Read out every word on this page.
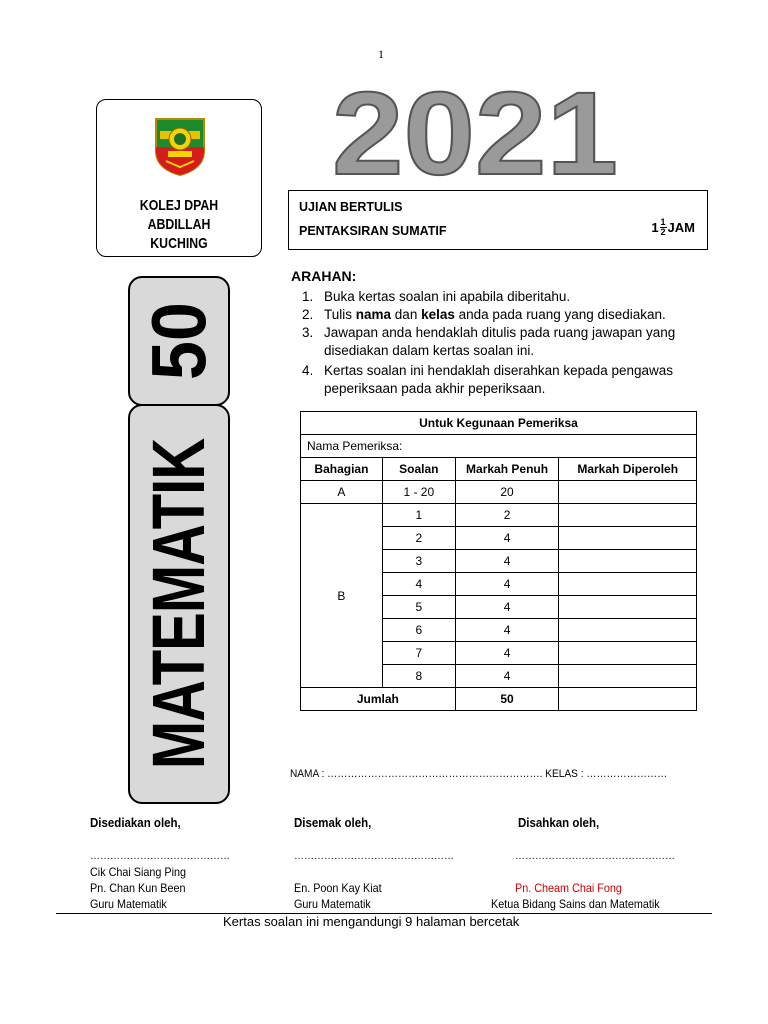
1
KOLEJ DPAH ABDILLAH
KUCHING
2021
UJIAN BERTULIS
PENTAKSIRAN SUMATIF	$1 \frac{1}{2}$ JAM
50
MATEMATIK
ARAHAN:
1. Buka kertas soalan ini apabila diberitahu.
2. Tulis nama dan kelas anda pada ruang yang disediakan.
3. Jawapan anda hendaklah ditulis pada ruang jawapan yang disediakan dalam kertas soalan ini.
4. Kertas soalan ini hendaklah diserahkan kepada pengawas peperiksaan pada akhir peperiksaan.
Untuk Kegunaan Pemeriksa			
Nama Pemeriksa:			
Bahagian	Soalan	Markah Penuh	Markah Diperoleh
A	1 - 20	20	
B	1	2	
	2	4	
	3	4	
	4	4	
	5	4	
	6	4	
	7	4	
	8	4	
Jumlah		50	
NAMA : ………………………………………………………. KELAS : ……………………
Disediakan oleh,
……………………………………
Cik Chai Siang Ping
Pn. Chan Kun Been
Guru Matematik
Disemak oleh,
…………………………………………
En. Poon Kay Kiat
Guru Matematik
Disahkan oleh,
…………………………………………
Pn. Cheam Chai Fong
Ketua Bidang Sains dan Matematik
Kertas soalan ini mengandungi 9 halaman bercetak
